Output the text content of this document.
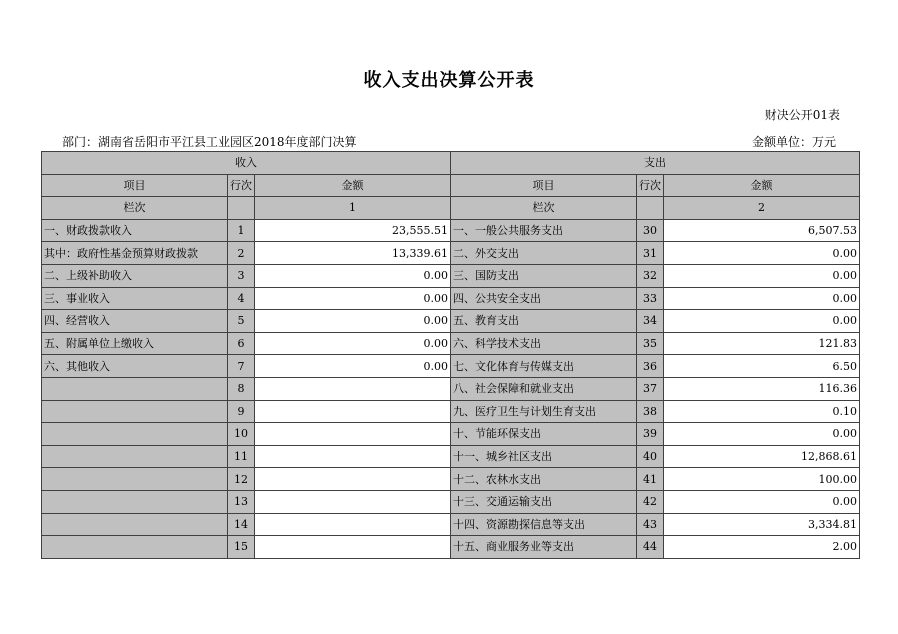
收入支出决算公开表
财决公开01表
部门：湖南省岳阳市平江县工业园区2018年度部门决算	金额单位：万元
收入			支出		
项目	行次	金额	项目	行次	金额
栏次		1	栏次		2
一、财政拨款收入	1	23,555.51	一、一般公共服务支出	30	6,507.53
其中：政府性基金预算财政拨款	2	13,339.61	二、外交支出	31	0.00
二、上级补助收入	3	0.00	三、国防支出	32	0.00
三、事业收入	4	0.00	四、公共安全支出	33	0.00
四、经营收入	5	0.00	五、教育支出	34	0.00
五、附属单位上缴收入	6	0.00	六、科学技术支出	35	121.83
六、其他收入	7	0.00	七、文化体育与传媒支出	36	6.50
	8		八、社会保障和就业支出	37	116.36
	9		九、医疗卫生与计划生育支出	38	0.10
	10		十、节能环保支出	39	0.00
	11		十一、城乡社区支出	40	12,868.61
	12		十二、农林水支出	41	100.00
	13		十三、交通运输支出	42	0.00
	14		十四、资源勘探信息等支出	43	3,334.81
	15		十五、商业服务业等支出	44	2.00
